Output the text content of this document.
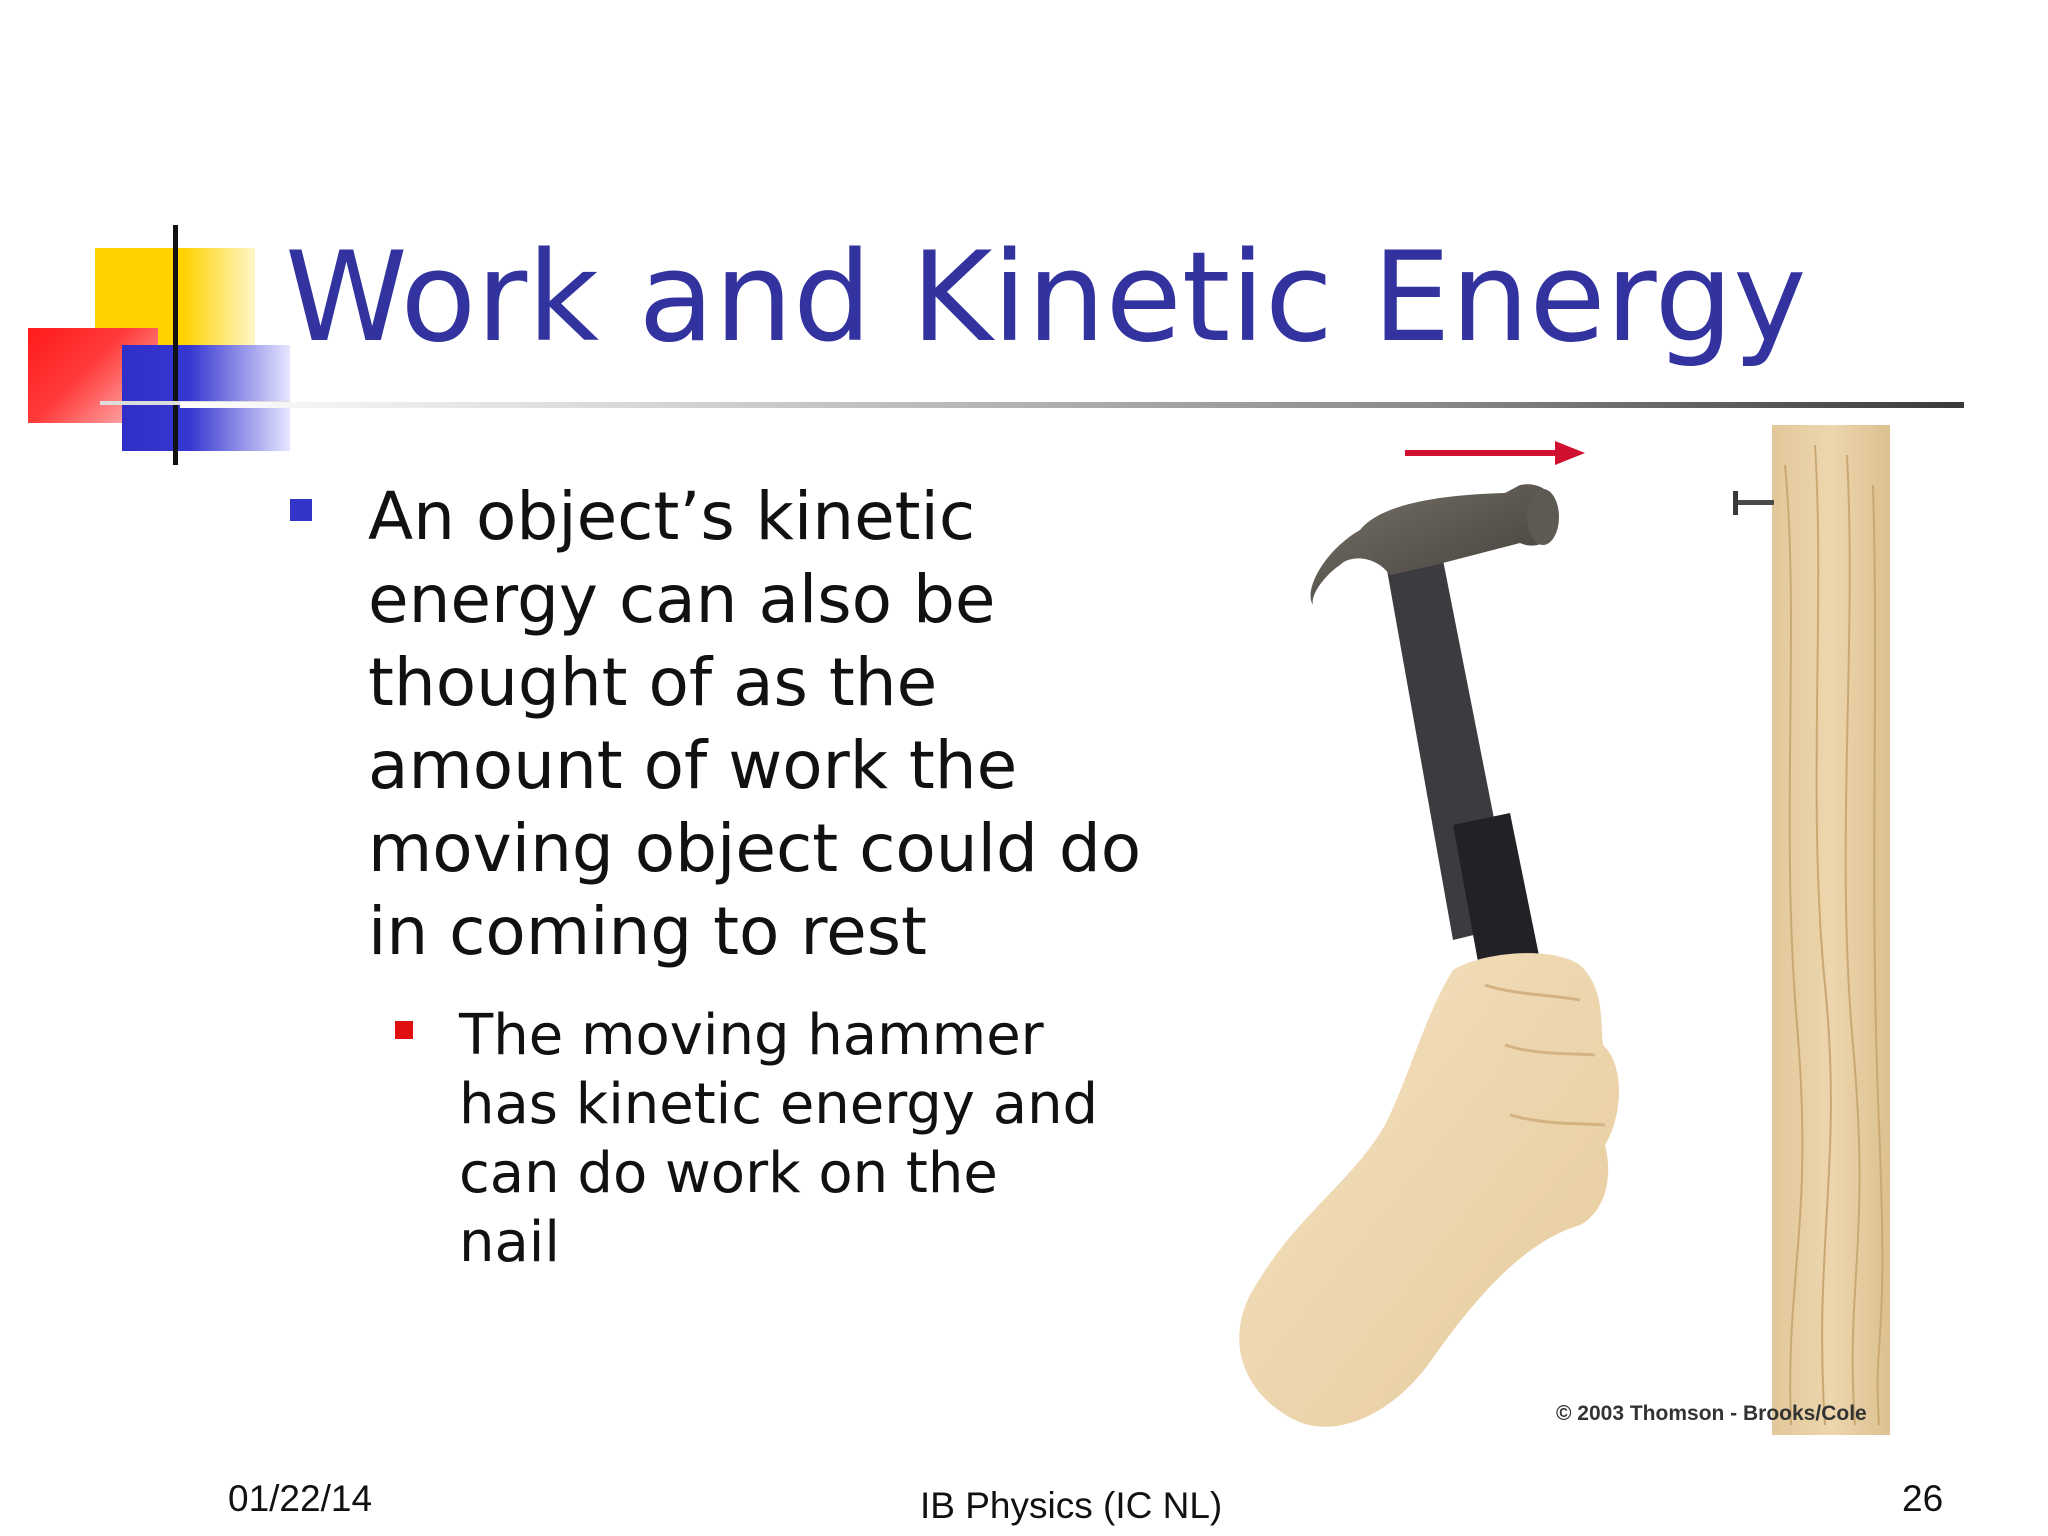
Work and Kinetic Energy
An object’s kinetic energy can also be thought of as the amount of work the moving object could do in coming to rest
The moving hammer has kinetic energy and can do work on the nail
© 2003 Thomson - Brooks/Cole
01/22/14	IB Physics (IC NL)	26
